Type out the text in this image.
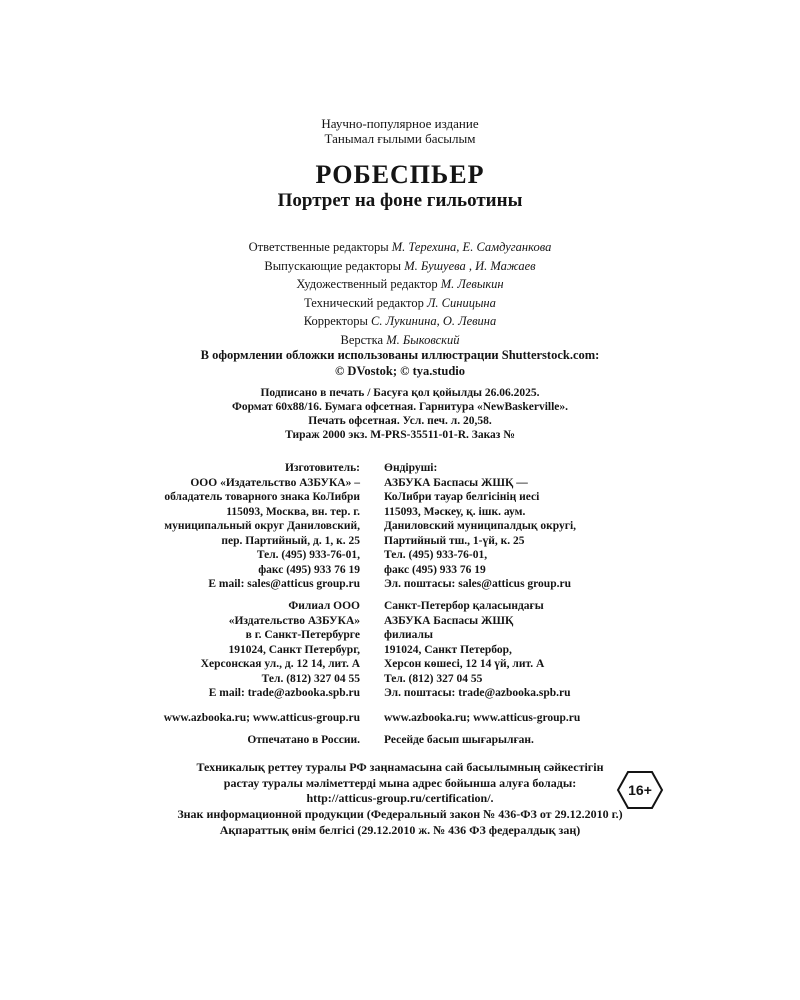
Научно-популярное издание
Танымал ғылыми басылым
РОБЕСПЬЕР
Портрет на фоне гильотины
Ответственные редакторы М. Терехина, Е. Самдуганкова
Выпускающие редакторы М. Бушуева , И. Мажаев
Художественный редактор М. Левыкин
Технический редактор Л. Синицына
Корректоры С. Лукинина, О. Левина
Верстка М. Быковский
В оформлении обложки использованы иллюстрации Shutterstock.com:
© DVostok; © tya.studio
Подписано в печать / Басуға қол қойылды 26.06.2025.
Формат 60х88/16. Бумага офсетная. Гарнитура «NewBaskerville».
Печать офсетная. Усл. печ. л. 20,58.
Тираж 2000 экз. M-PRS-35511-01-R. Заказ №
Изготовитель:
ООО «Издательство АЗБУКА» –
обладатель товарного знака КоЛибри
115093, Москва, вн. тер. г.
муниципальный округ Даниловский,
пер. Партийный, д. 1, к. 25
Тел. (495) 933-76-01,
факс (495) 933 76 19
E mail: sales@atticus group.ru
Өндіруші:
АЗБУКА Баспасы ЖШҚ —
КоЛибри тауар белгісінің иесі
115093, Мәскеу, қ. ішк. аум.
Даниловский муниципалдық округі,
Партийный тш., 1-үй, к. 25
Тел. (495) 933-76-01,
факс (495) 933 76 19
Эл. поштасы: sales@atticus group.ru
Филиал ООО
«Издательство АЗБУКА»
в г. Санкт-Петербурге
191024, Санкт Петербург,
Херсонская ул., д. 12 14, лит. А
Тел. (812) 327 04 55
E mail: trade@azbooka.spb.ru
Санкт-Петербор қаласындағы
АЗБУКА Баспасы ЖШҚ
филиалы
191024, Санкт Петербор,
Херсон көшесі, 12 14 үй, лит. А
Тел. (812) 327 04 55
Эл. поштасы: trade@azbooka.spb.ru
www.azbooka.ru; www.atticus-group.ru www.azbooka.ru; www.atticus-group.ru
Отпечатано в России. Ресейде басып шығарылған.
Техникалық реттеу туралы РФ заңнамасына сай басылымның сәйкестігін
растау туралы мәліметтерді мына адрес бойынша алуға болады:
http://atticus-group.ru/certification/.	16+
Знак информационной продукции (Федеральный закон № 436-ФЗ от 29.12.2010 г.)
Ақпараттық өнім белгісі (29.12.2010 ж. № 436 ФЗ федералдық заң)
